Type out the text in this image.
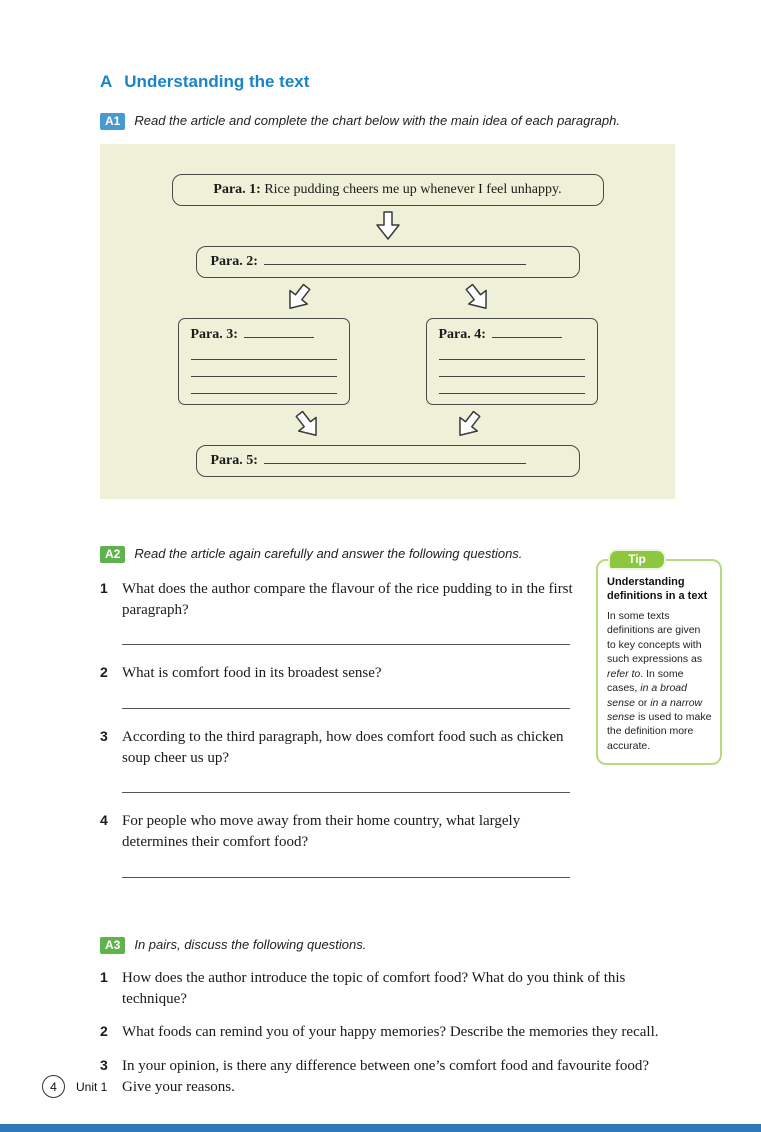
A Understanding the text
A1	Read the article and complete the chart below with the main idea of each paragraph.
Para. 1: Rice pudding cheers me up whenever I feel unhappy.
Para. 2:
Para. 3:	Para. 4:
Para. 5:
A2	Read the article again carefully and answer the following questions.
1 What does the author compare the flavour of the rice pudding to in the first paragraph?

2 What is comfort food in its broadest sense?

3 According to the third paragraph, how does comfort food such as chicken soup cheer us up?

4 For people who move away from their home country, what largely determines their comfort food?

Tip
Understanding definitions in a text

In some texts definitions are given to key concepts with such expressions as refer to. In some cases, in a broad sense or in a narrow sense is used to make the definition more accurate.

A3	In pairs, discuss the following questions.
1 How does the author introduce the topic of comfort food? What do you think of this technique?

2 What foods can remind you of your happy memories? Describe the memories they recall.

3 In your opinion, is there any difference between one’s comfort food and favourite food? Give your reasons.

4	Unit 1
